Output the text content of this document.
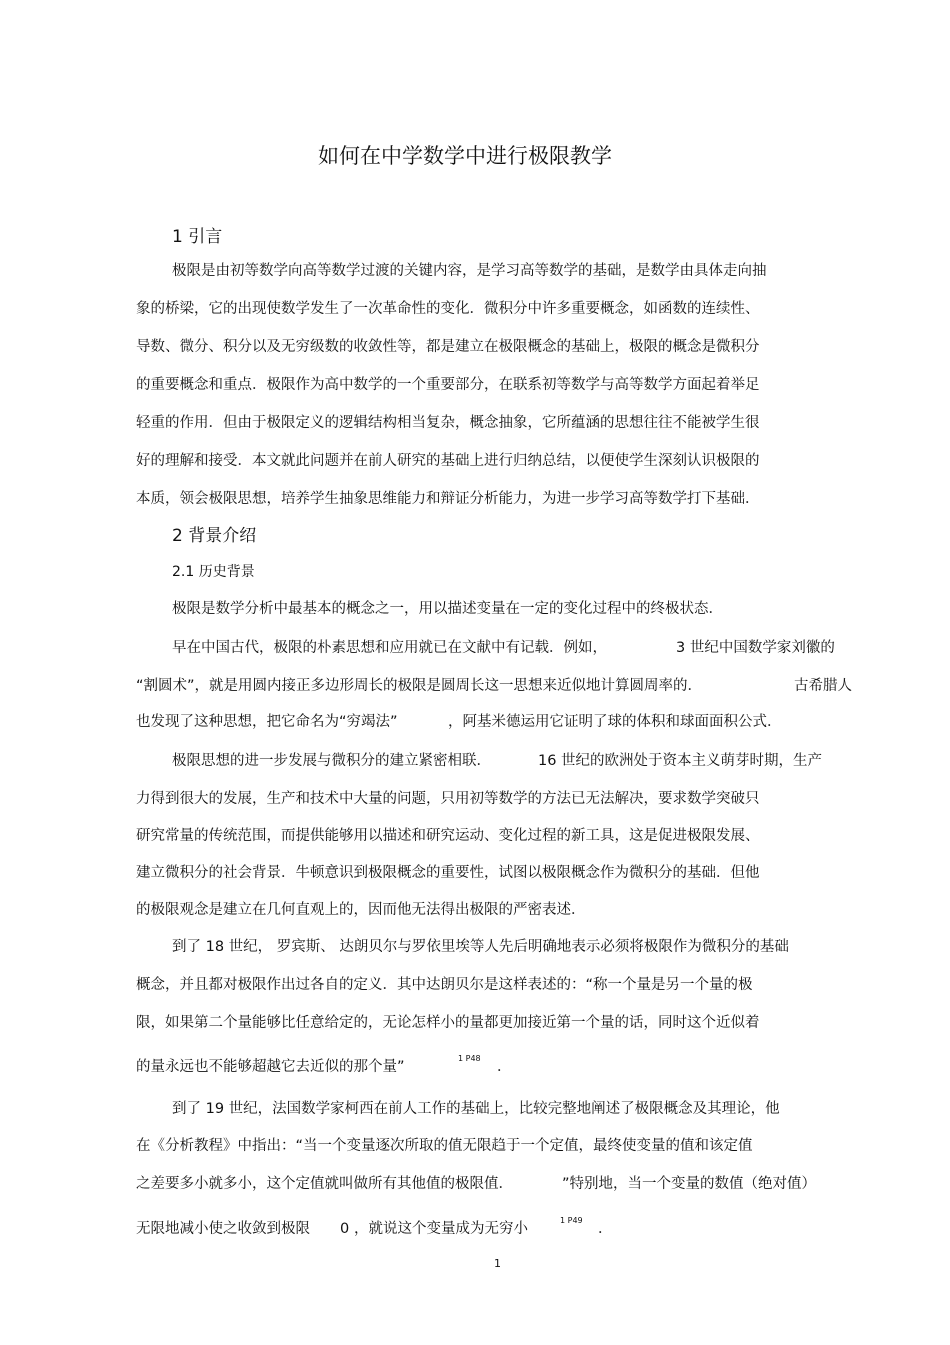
如何在中学数学中进行极限教学
1 引言
极限是由初等数学向高等数学过渡的关键内容，是学习高等数学的基础，是数学由具体走向抽
象的桥梁，它的出现使数学发生了一次革命性的变化．微积分中许多重要概念，如函数的连续性、
导数、微分、积分以及无穷级数的收敛性等，都是建立在极限概念的基础上，极限的概念是微积分
的重要概念和重点．极限作为高中数学的一个重要部分，在联系初等数学与高等数学方面起着举足
轻重的作用．但由于极限定义的逻辑结构相当复杂，概念抽象，它所蕴涵的思想往往不能被学生很
好的理解和接受．本文就此问题并在前人研究的基础上进行归纳总结，以便使学生深刻认识极限的
本质，领会极限思想，培养学生抽象思维能力和辩证分析能力，为进一步学习高等数学打下基础．
2 背景介绍
2.1 历史背景
极限是数学分析中最基本的概念之一，用以描述变量在一定的变化过程中的终极状态．
早在中国古代，极限的朴素思想和应用就已在文献中有记载．例如，	3 世纪中国数学家刘徽的
“割圆术”，就是用圆内接正多边形周长的极限是圆周长这一思想来近似地计算圆周率的．	古希腊人
也发现了这种思想，把它命名为“穷竭法”	，阿基米德运用它证明了球的体积和球面面积公式．
极限思想的进一步发展与微积分的建立紧密相联．	16 世纪的欧洲处于资本主义萌芽时期，生产
力得到很大的发展，生产和技术中大量的问题，只用初等数学的方法已无法解决，要求数学突破只
研究常量的传统范围，而提供能够用以描述和研究运动、变化过程的新工具，这是促进极限发展、
建立微积分的社会背景．牛顿意识到极限概念的重要性，试图以极限概念作为微积分的基础．但他
的极限观念是建立在几何直观上的，因而他无法得出极限的严密表述．
到了 18 世纪， 罗宾斯、 达朗贝尔与罗依里埃等人先后明确地表示必须将极限作为微积分的基础
概念，并且都对极限作出过各自的定义．其中达朗贝尔是这样表述的：“称一个量是另一个量的极
限，如果第二个量能够比任意给定的，无论怎样小的量都更加接近第一个量的话，同时这个近似着
的量永远也不能够超越它去近似的那个量”
1 P48
．
到了 19 世纪，法国数学家柯西在前人工作的基础上，比较完整地阐述了极限概念及其理论，他
在《分析教程》中指出：“当一个变量逐次所取的值无限趋于一个定值，最终使变量的值和该定值
之差要多小就多小，这个定值就叫做所有其他值的极限值．	”特别地，当一个变量的数值（绝对值）
无限地减小使之收敛到极限 0 ，就说这个变量成为无穷小
1 P49
．
1
